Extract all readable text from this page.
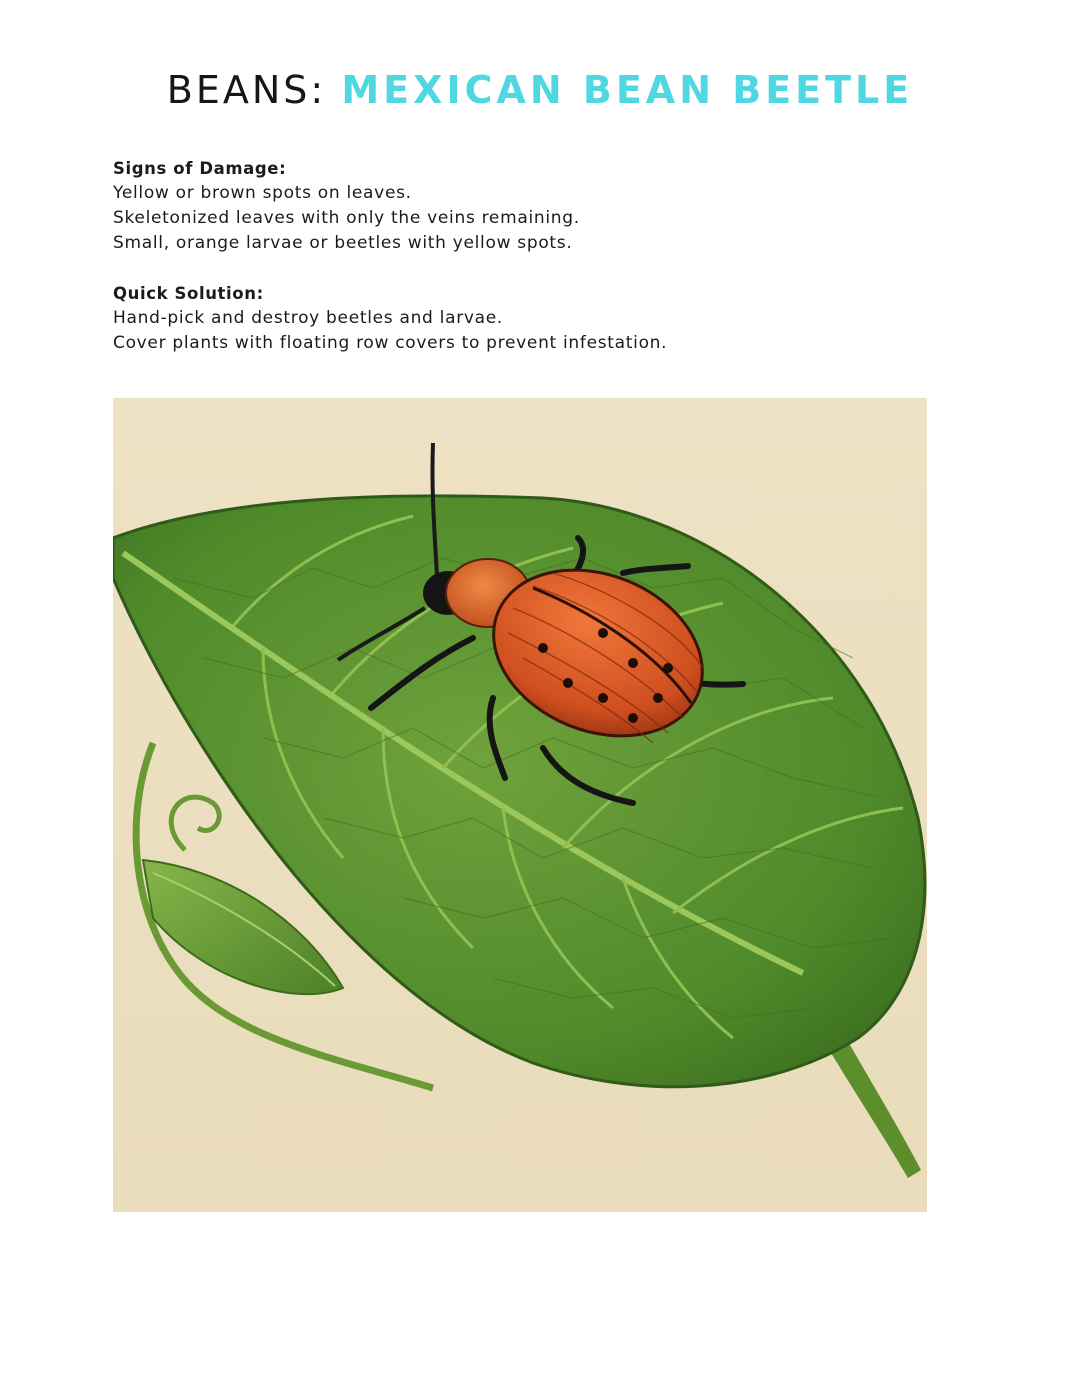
BEANS: MEXICAN BEAN BEETLE
Signs of Damage:
Yellow or brown spots on leaves.
Skeletonized leaves with only the veins remaining.
Small, orange larvae or beetles with yellow spots.
Quick Solution:
Hand-pick and destroy beetles and larvae.
Cover plants with floating row covers to prevent infestation.
